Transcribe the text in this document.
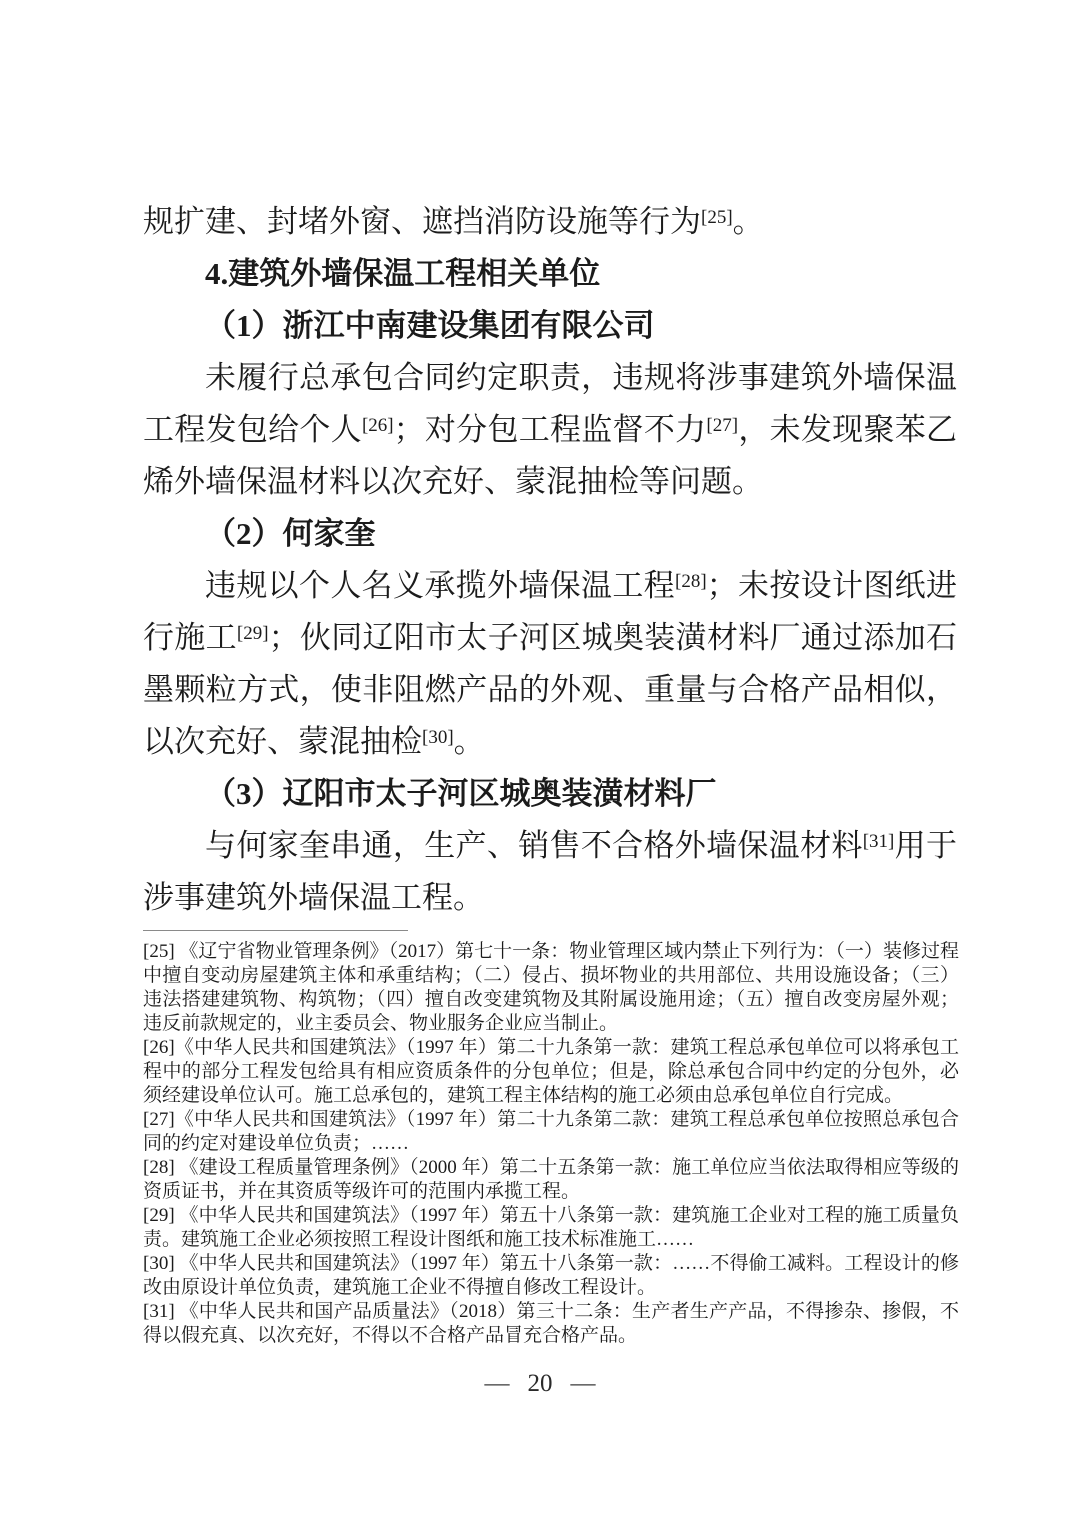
规扩建、封堵外窗、遮挡消防设施等行为[25]。

4.建筑外墙保温工程相关单位

（1）浙江中南建设集团有限公司

未履行总承包合同约定职责，违规将涉事建筑外墙保温工程发包给个人[26]；对分包工程监督不力[27]，未发现聚苯乙烯外墙保温材料以次充好、蒙混抽检等问题。

（2）何家奎

违规以个人名义承揽外墙保温工程[28]；未按设计图纸进行施工[29]；伙同辽阳市太子河区城奥装潢材料厂通过添加石墨颗粒方式，使非阻燃产品的外观、重量与合格产品相似，以次充好、蒙混抽检[30]。

（3）辽阳市太子河区城奥装潢材料厂

与何家奎串通，生产、销售不合格外墙保温材料[31]用于涉事建筑外墙保温工程。

[25] 《辽宁省物业管理条例》（2017）第七十一条：物业管理区域内禁止下列行为：（一）装修过程中擅自变动房屋建筑主体和承重结构；（二）侵占、损坏物业的共用部位、共用设施设备；（三）违法搭建建筑物、构筑物；（四）擅自改变建筑物及其附属设施用途；（五）擅自改变房屋外观；违反前款规定的，业主委员会、物业服务企业应当制止。

[26]《中华人民共和国建筑法》（1997 年）第二十九条第一款：建筑工程总承包单位可以将承包工程中的部分工程发包给具有相应资质条件的分包单位；但是，除总承包合同中约定的分包外，必须经建设单位认可。施工总承包的，建筑工程主体结构的施工必须由总承包单位自行完成。

[27]《中华人民共和国建筑法》（1997 年）第二十九条第二款：建筑工程总承包单位按照总承包合同的约定对建设单位负责；……

[28] 《建设工程质量管理条例》（2000 年）第二十五条第一款：施工单位应当依法取得相应等级的资质证书，并在其资质等级许可的范围内承揽工程。

[29] 《中华人民共和国建筑法》（1997 年）第五十八条第一款：建筑施工企业对工程的施工质量负责。建筑施工企业必须按照工程设计图纸和施工技术标准施工……

[30] 《中华人民共和国建筑法》（1997 年）第五十八条第一款：……不得偷工减料。工程设计的修改由原设计单位负责，建筑施工企业不得擅自修改工程设计。

[31] 《中华人民共和国产品质量法》（2018）第三十二条：生产者生产产品，不得掺杂、掺假，不得以假充真、以次充好，不得以不合格产品冒充合格产品。

— 20 —
